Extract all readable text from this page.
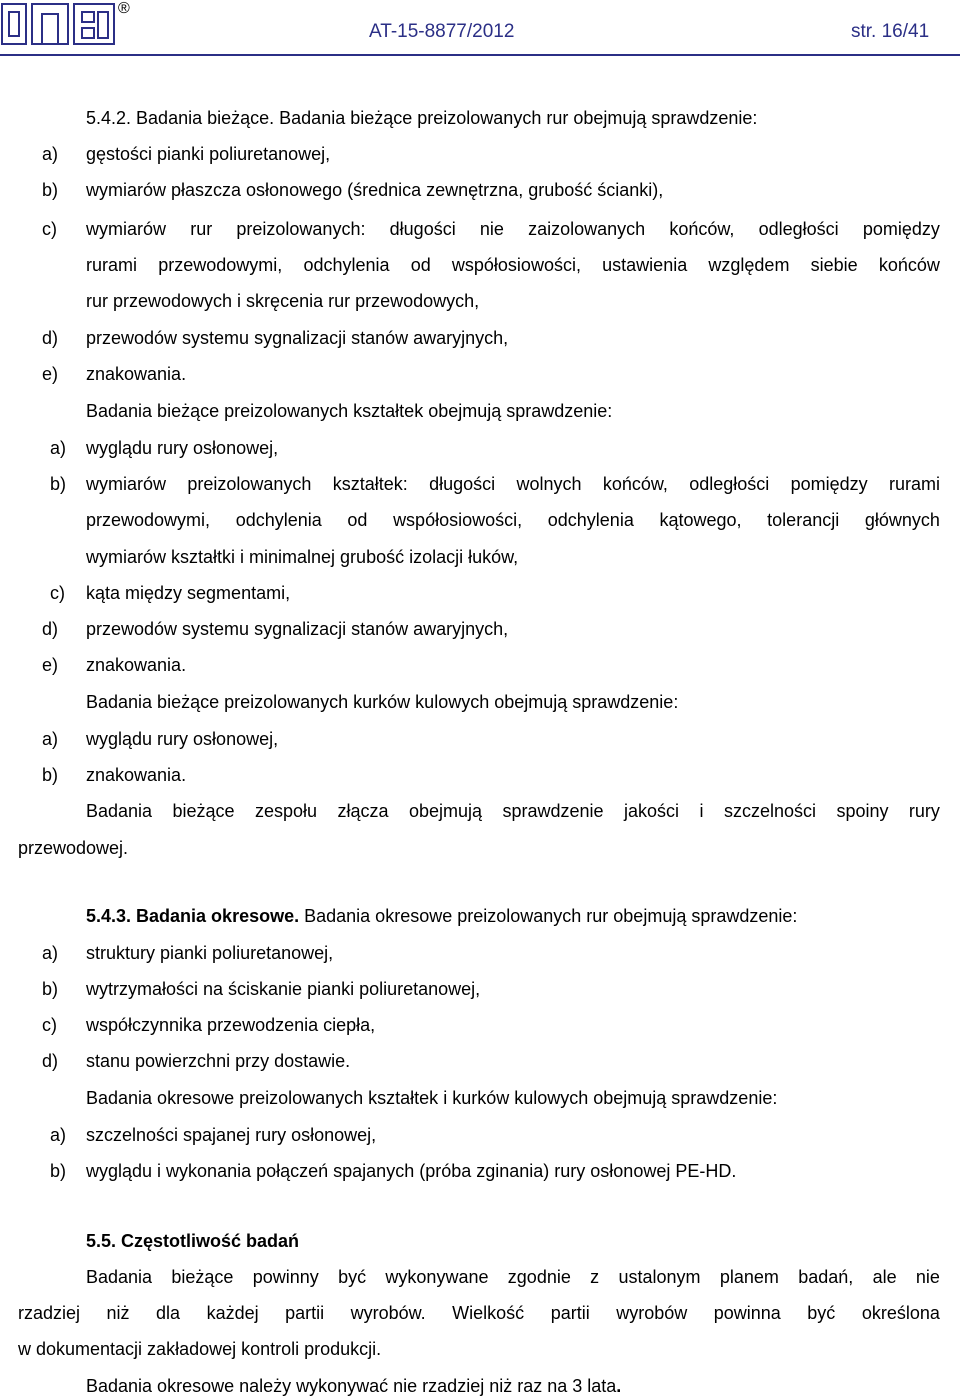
®
AT-15-8877/2012	str. 16/41
5.4.2. Badania bieżące. Badania bieżące preizolowanych rur obejmują sprawdzenie:
a) gęstości pianki poliuretanowej,
b) wymiarów płaszcza osłonowego (średnica zewnętrzna, grubość ścianki),
c) wymiarów rur preizolowanych: długości nie zaizolowanych końców, odległości pomiędzy
rurami przewodowymi, odchylenia od współosiowości, ustawienia względem siebie końców
rur przewodowych i skręcenia rur przewodowych,
d) przewodów systemu sygnalizacji stanów awaryjnych,
e) znakowania.
Badania bieżące preizolowanych kształtek obejmują sprawdzenie:
a) wyglądu rury osłonowej,
b) wymiarów preizolowanych kształtek: długości wolnych końców, odległości pomiędzy rurami
przewodowymi, odchylenia od współosiowości, odchylenia kątowego, tolerancji głównych
wymiarów kształtki i minimalnej grubość izolacji łuków,
c) kąta między segmentami,
d) przewodów systemu sygnalizacji stanów awaryjnych,
e) znakowania.
Badania bieżące preizolowanych kurków kulowych obejmują sprawdzenie:
a) wyglądu rury osłonowej,
b) znakowania.
Badania bieżące zespołu złącza obejmują sprawdzenie jakości i szczelności spoiny rury
przewodowej.
5.4.3. Badania okresowe. Badania okresowe preizolowanych rur obejmują sprawdzenie:
a) struktury pianki poliuretanowej,
b) wytrzymałości na ściskanie pianki poliuretanowej,
c) współczynnika przewodzenia ciepła,
d) stanu powierzchni przy dostawie.
Badania okresowe preizolowanych kształtek i kurków kulowych obejmują sprawdzenie:
a) szczelności spajanej rury osłonowej,
b) wyglądu i wykonania połączeń spajanych (próba zginania) rury osłonowej PE-HD.
5.5. Częstotliwość badań
Badania bieżące powinny być wykonywane zgodnie z ustalonym planem badań, ale nie
rzadziej niż dla każdej partii wyrobów. Wielkość partii wyrobów powinna być określona
w dokumentacji zakładowej kontroli produkcji.
Badania okresowe należy wykonywać nie rzadziej niż raz na 3 lata.
